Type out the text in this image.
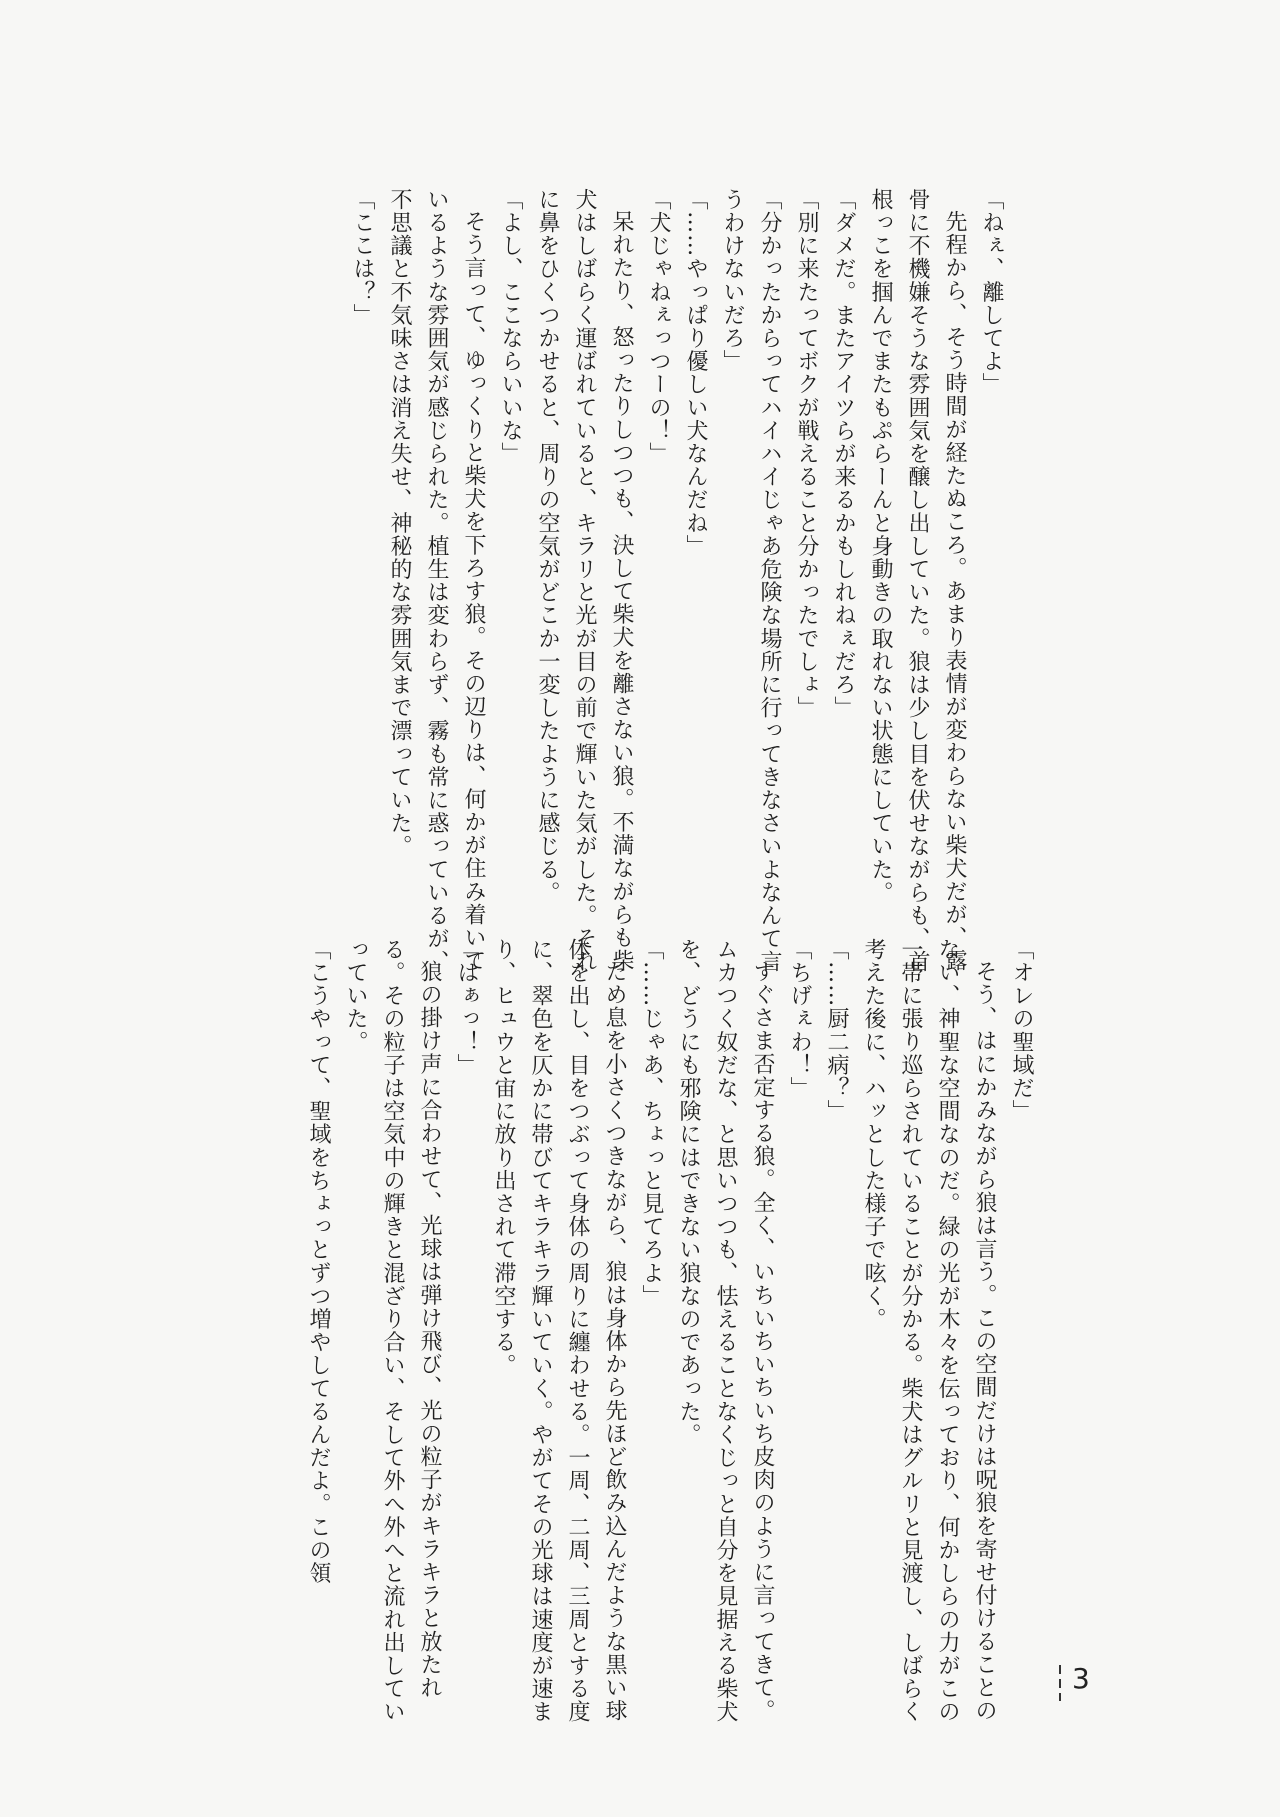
「ねぇ、離してよ」

先程から、そう時間が経たぬころ。あまり表情が変わらない柴犬だが、露骨に不機嫌そうな雰囲気を醸し出していた。狼は少し目を伏せながらも、首根っこを掴んでまたもぷらーんと身動きの取れない状態にしていた。

「ダメだ。またアイツらが来るかもしれねぇだろ」

「別に来たってボクが戦えること分かったでしょ」

「分かったからってハイハイじゃあ危険な場所に行ってきなさいよなんて言うわけないだろ」

「……やっぱり優しい犬なんだね」

「犬じゃねぇっつーの！」

呆れたり、怒ったりしつつも、決して柴犬を離さない狼。不満ながらも柴犬はしばらく運ばれていると、キラリと光が目の前で輝いた気がした。それに鼻をひくつかせると、周りの空気がどこか一変したように感じる。

「よし、ここならいいな」

そう言って、ゆっくりと柴犬を下ろす狼。その辺りは、何かが住み着いているような雰囲気が感じられた。植生は変わらず、霧も常に惑っているが、不思議と不気味さは消え失せ、神秘的な雰囲気まで漂っていた。

「ここは？」

「オレの聖域だ」

そう、はにかみながら狼は言う。この空間だけは呪狼を寄せ付けることのない、神聖な空間なのだ。緑の光が木々を伝っており、何かしらの力がこの一帯に張り巡らされていることが分かる。柴犬はグルリと見渡し、しばらく考えた後に、ハッとした様子で呟く。

「……厨二病？」

「ちげぇわ！」

すぐさま否定する狼。全く、いちいちいちいち皮肉のように言ってきて。ムカつく奴だな、と思いつつも、怯えることなくじっと自分を見据える柴犬を、どうにも邪険にはできない狼なのであった。

「……じゃあ、ちょっと見てろよ」

ため息を小さくつきながら、狼は身体から先ほど飲み込んだような黒い球体を出し、目をつぶって身体の周りに纏わせる。一周、二周、三周とする度に、翠色を仄かに帯びてキラキラ輝いていく。やがてその光球は速度が速まり、ヒュウと宙に放り出されて滞空する。

「はぁっ！」

狼の掛け声に合わせて、光球は弾け飛び、光の粒子がキラキラと放たれる。その粒子は空気中の輝きと混ざり合い、そして外へ外へと流れ出していっていた。

「こうやって、聖域をちょっとずつ増やしてるんだよ。この領

3
